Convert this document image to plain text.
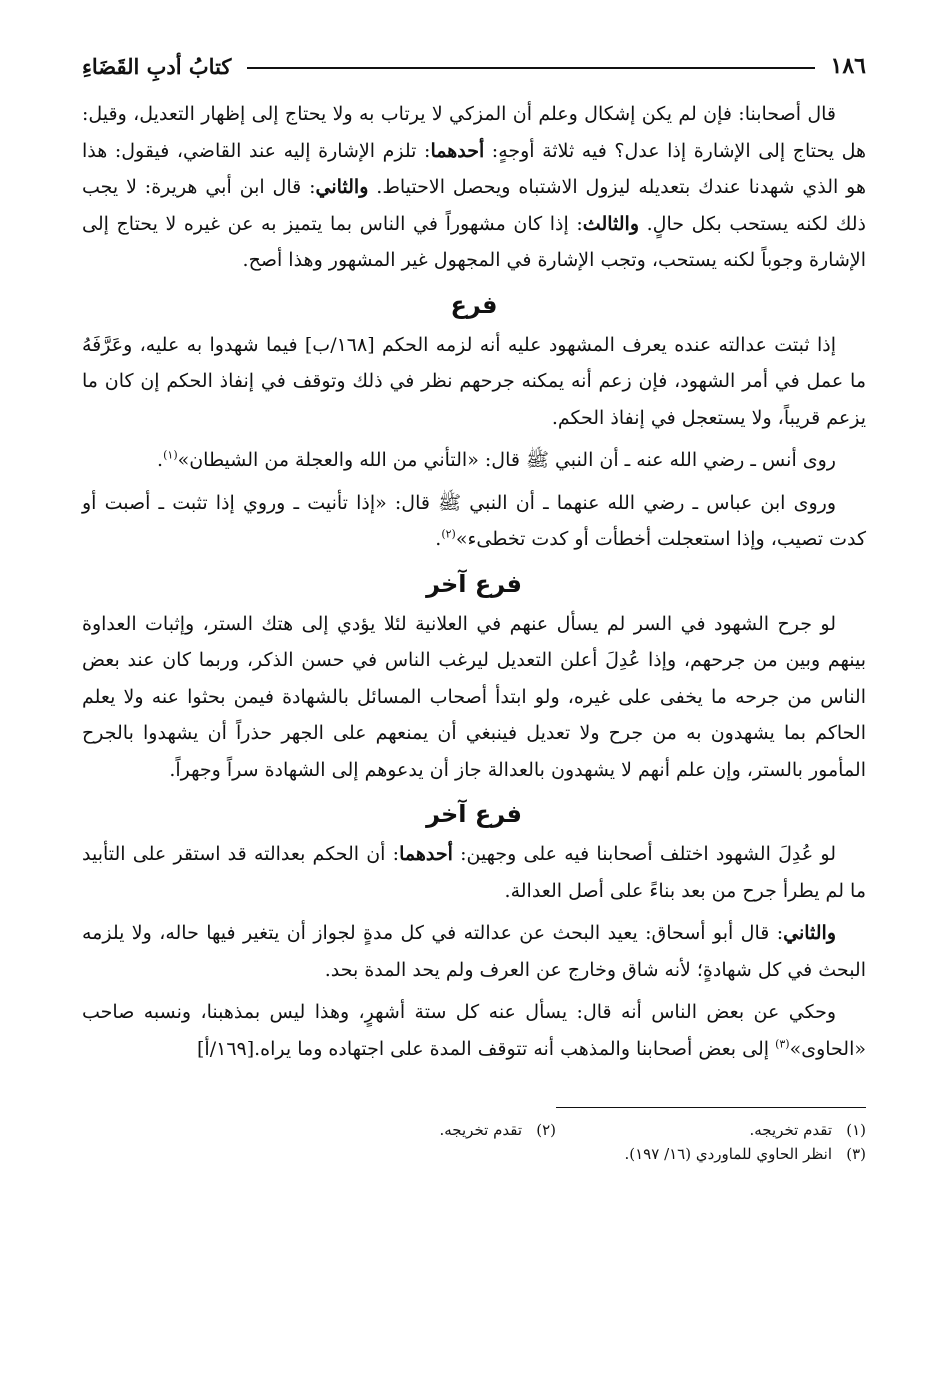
١٨٦
كتابُ أدبِ القَضَاءِ

قال أصحابنا: فإن لم يكن إشكال وعلم أن المزكي لا يرتاب به ولا يحتاج إلى إظهار التعديل، وقيل: هل يحتاج إلى الإشارة إذا عدل؟ فيه ثلاثة أوجهٍ: أحدهما: تلزم الإشارة إليه عند القاضي، فيقول: هذا هو الذي شهدنا عندك بتعديله ليزول الاشتباه ويحصل الاحتياط. والثاني: قال ابن أبي هريرة: لا يجب ذلك لكنه يستحب بكل حالٍ. والثالث: إذا كان مشهوراً في الناس بما يتميز به عن غيره لا يحتاج إلى الإشارة وجوباً لكنه يستحب، وتجب الإشارة في المجهول غير المشهور وهذا أصح.

فرع

إذا ثبتت عدالته عنده يعرف المشهود عليه أنه لزمه الحكم [١٦٨/ب] فيما شهدوا به عليه، وعَرَّفَهُ ما عمل في أمر الشهود، فإن زعم أنه يمكنه جرحهم نظر في ذلك وتوقف في إنفاذ الحكم إن كان ما يزعم قريباً، ولا يستعجل في إنفاذ الحكم.

روى أنس ـ رضي الله عنه ـ أن النبي ﷺ قال: «التأني من الله والعجلة من الشيطان»$^{(١)}$.

وروى ابن عباس ـ رضي الله عنهما ـ أن النبي ﷺ قال: «إذا تأنيت ـ وروي إذا تثبت ـ أصبت أو كدت تصيب، وإذا استعجلت أخطأت أو كدت تخطىء»$^{(٢)}$.

فرع آخر

لو جرح الشهود في السر لم يسأل عنهم في العلانية لئلا يؤدي إلى هتك الستر، وإثبات العداوة بينهم وبين من جرحهم، وإذا عُدِلَ أعلن التعديل ليرغب الناس في حسن الذكر، وربما كان عند بعض الناس من جرحه ما يخفى على غيره، ولو ابتدأ أصحاب المسائل بالشهادة فيمن بحثوا عنه ولا يعلم الحاكم بما يشهدون به من جرح ولا تعديل فينبغي أن يمنعهم على الجهر حذراً أن يشهدوا بالجرح المأمور بالستر، وإن علم أنهم لا يشهدون بالعدالة جاز أن يدعوهم إلى الشهادة سراً وجهراً.

فرع آخر

لو عُدِلَ الشهود اختلف أصحابنا فيه على وجهين: أحدهما: أن الحكم بعدالته قد استقر على التأبيد ما لم يطرأ جرح من بعد بناءً على أصل العدالة.

والثاني: قال أبو أسحاق: يعيد البحث عن عدالته في كل مدةٍ لجواز أن يتغير فيها حاله، ولا يلزمه البحث في كل شهادةٍ؛ لأنه شاق وخارج عن العرف ولم يحد المدة بحد.

وحكي عن بعض الناس أنه قال: يسأل عنه كل ستة أشهرٍ، وهذا ليس بمذهبنا، ونسبه صاحب «الحاوى»$^{(٣)}$ إلى بعض أصحابنا والمذهب أنه تتوقف المدة على اجتهاده وما يراه.[١٦٩/أ]

(١)تقدم تخريجه.
(٢)تقدم تخريجه.
(٣)انظر الحاوي للماوردي (١٦/ ١٩٧).
